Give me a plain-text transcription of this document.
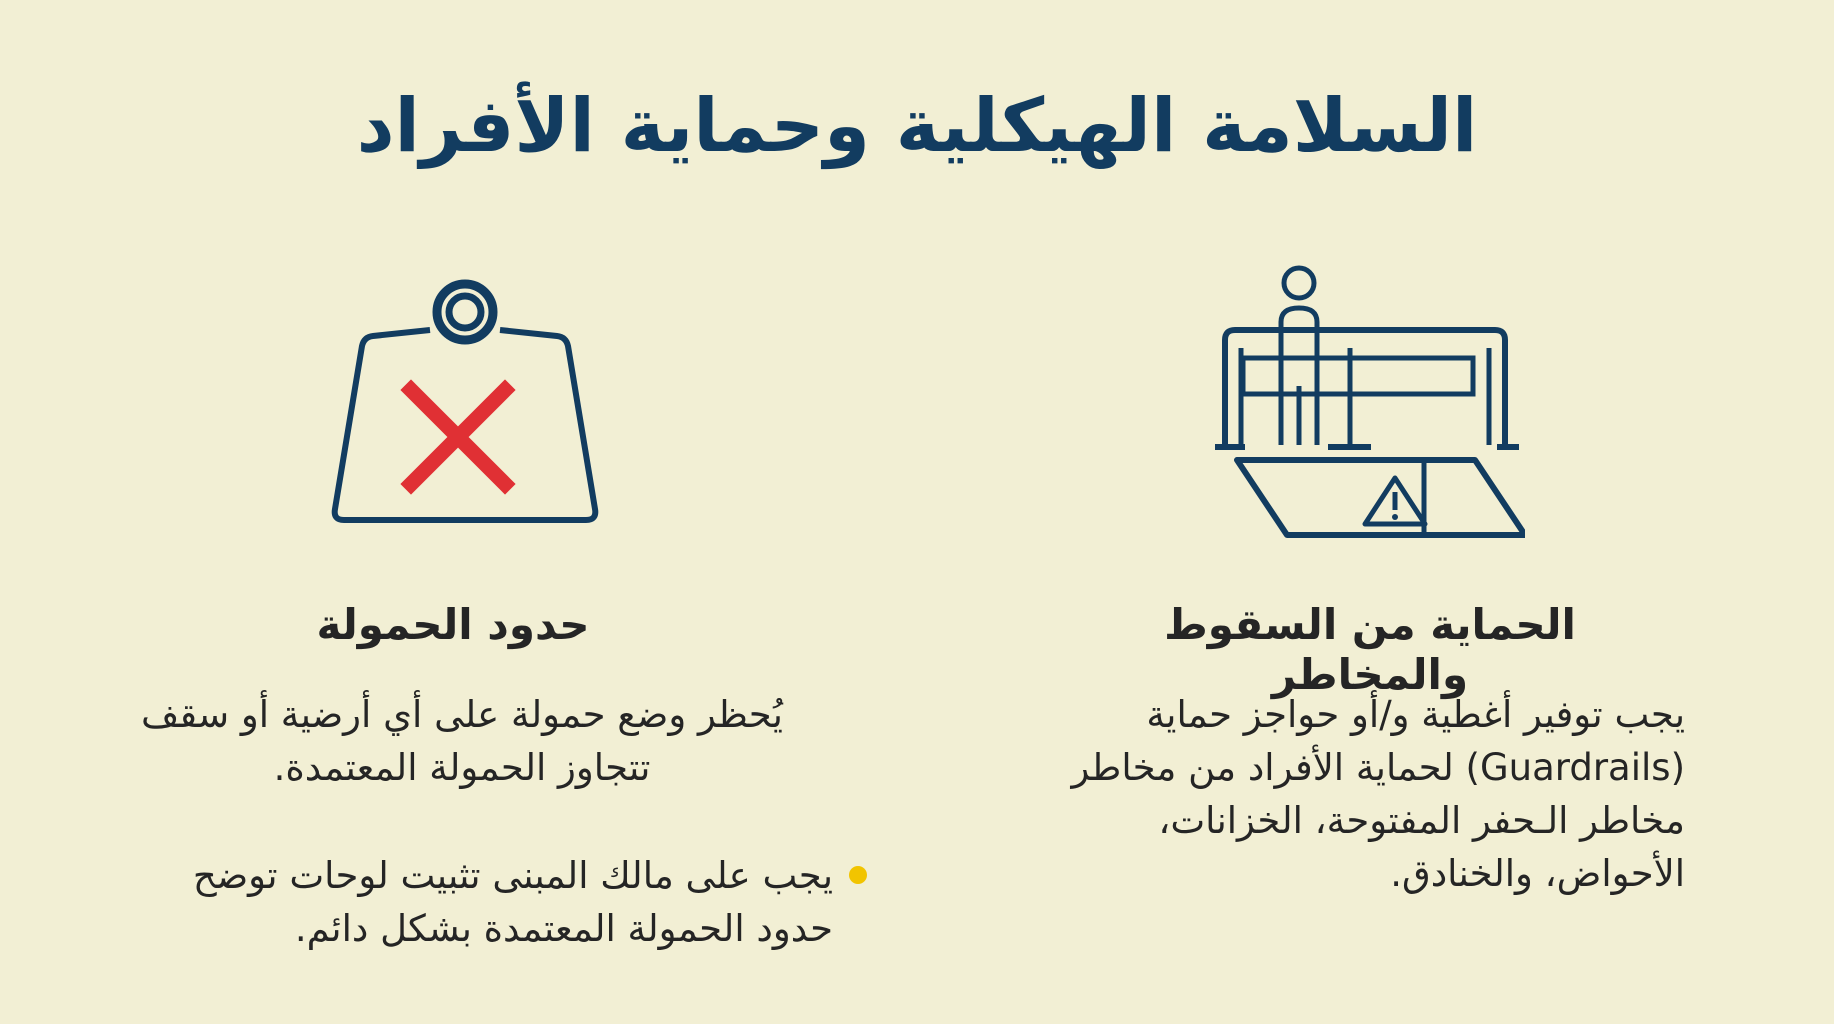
السلامة الهيكلية وحماية الأفراد
حدود الحمولة	الحماية من السقوط والمخاطر
يُحظر وضع حمولة على أي أرضية أو سقف
تتجاوز الحمولة المعتمدة.

يجب على مالك المبنى تثبيت لوحات توضح
حدود الحمولة المعتمدة بشكل دائم.

يجب توفير أغطية و/أو حواجز حماية
(Guardrails) لحماية الأفراد من مخاطر
مخاطر الـحفر المفتوحة، الخزانات،
الأحواض، والخنادق.
